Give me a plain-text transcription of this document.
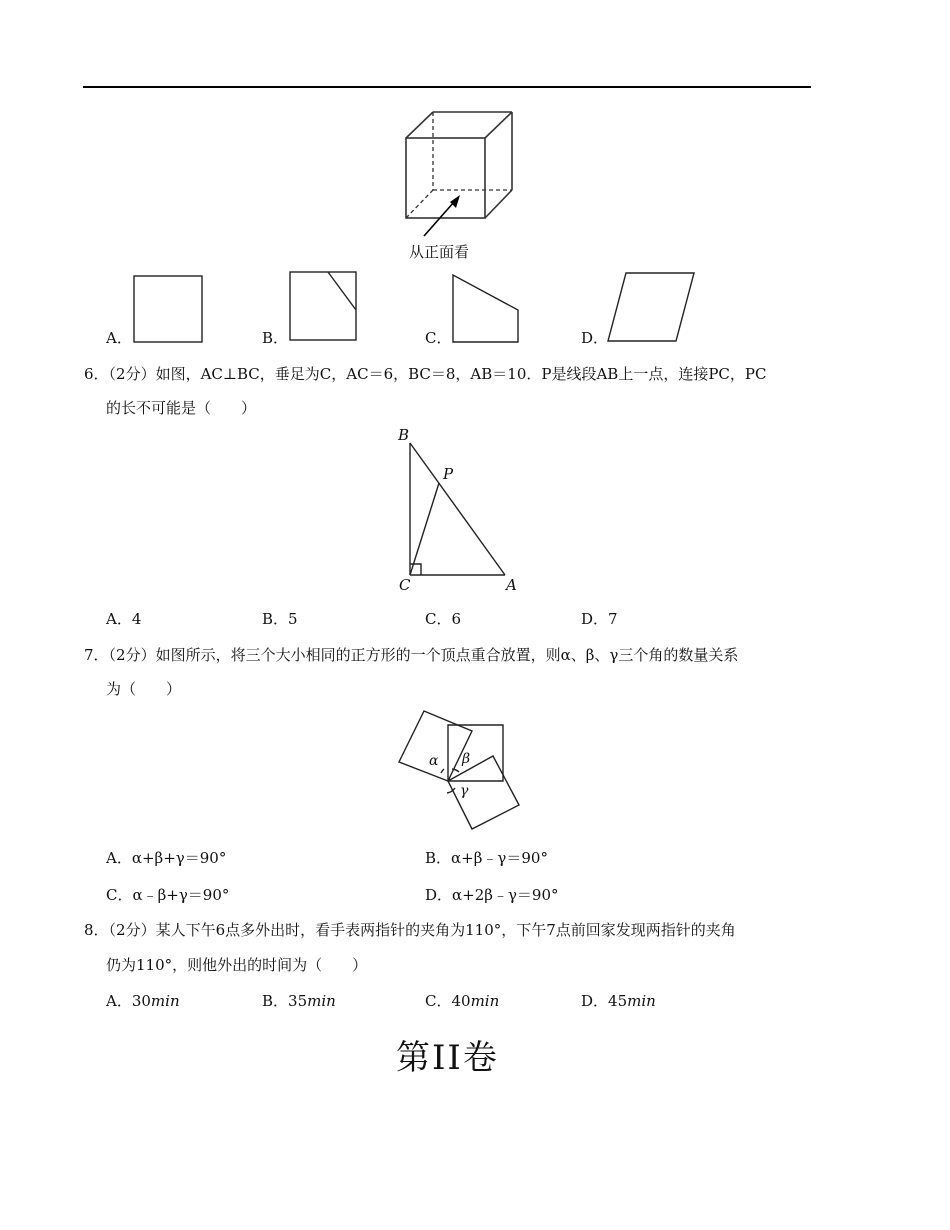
从正面看
A．	B．	C．	D．
6．（2分）如图，AC⊥BC，垂足为C，AC＝6，BC＝8，AB＝10．P是线段AB上一点，连接PC，PC
的长不可能是（　　）
B
P
C	A
A．4	B．5	C．6	D．7
7．（2分）如图所示，将三个大小相同的正方形的一个顶点重合放置，则α、β、γ三个角的数量关系
为（　　）
α β
γ
A．α+β+γ＝90°	B．α+β﹣γ＝90°
C．α﹣β+γ＝90°	D．α+2β﹣γ＝90°
8．（2分）某人下午6点多外出时，看手表两指针的夹角为110°，下午7点前回家发现两指针的夹角
仍为110°，则他外出的时间为（　　）
A．30min	B．35min	C．40min	D．45min
第II卷
